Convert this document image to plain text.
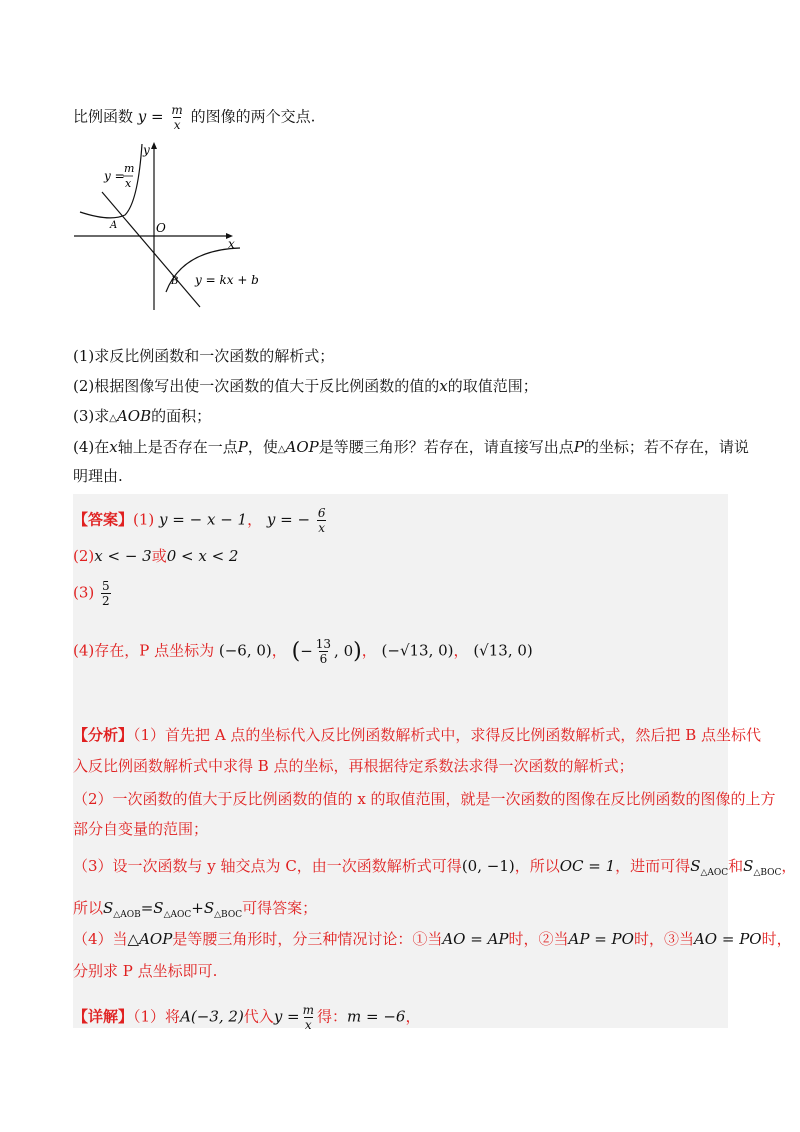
比例函数 $y = \frac{m}{x}$ 的图像的两个交点.
y
x
O
A
B
y =
m
x
y = kx + b
(1)求反比例函数和一次函数的解析式；
(2)根据图像写出使一次函数的值大于反比例函数的值的x的取值范围；
(3)求△AOB的面积；
(4)在x轴上是否存在一点P，使△AOP是等腰三角形？若存在，请直接写出点P的坐标；若不存在，请说
明理由.
【答案】(1) y = − x − 1， y = − $\frac{6}{x}$
(2)x < − 3或0 < x < 2
$(3) \frac{5}{2}$
(4)存在，P 点坐标为 (−6, 0)， (− $\frac{13}{6}$ , 0)， (−√13, 0)， (√13, 0)
【分析】（1）首先把 A 点的坐标代入反比例函数解析式中，求得反比例函数解析式，然后把 B 点坐标代
入反比例函数解析式中求得 B 点的坐标，再根据待定系数法求得一次函数的解析式；
（2）一次函数的值大于反比例函数的值的 x 的取值范围，就是一次函数的图像在反比例函数的图像的上方
部分自变量的范围；
（3）设一次函数与 y 轴交点为 C，由一次函数解析式可得(0, −1)，所以OC = 1，进而可得$S_{\triangle AOC}$和$S_{\triangle BOC}$，
所以$S_{\triangle AOB}=S_{\triangle AOC}+S_{\triangle BOC}$可得答案；
（4）当△AOP是等腰三角形时，分三种情况讨论：①当AO = AP时，②当AP = PO时，③当AO = PO时，
分别求 P 点坐标即可.
【详解】（1）将A(−3, 2)代入$y = \frac{m}{x}$ 得：m = −6，
